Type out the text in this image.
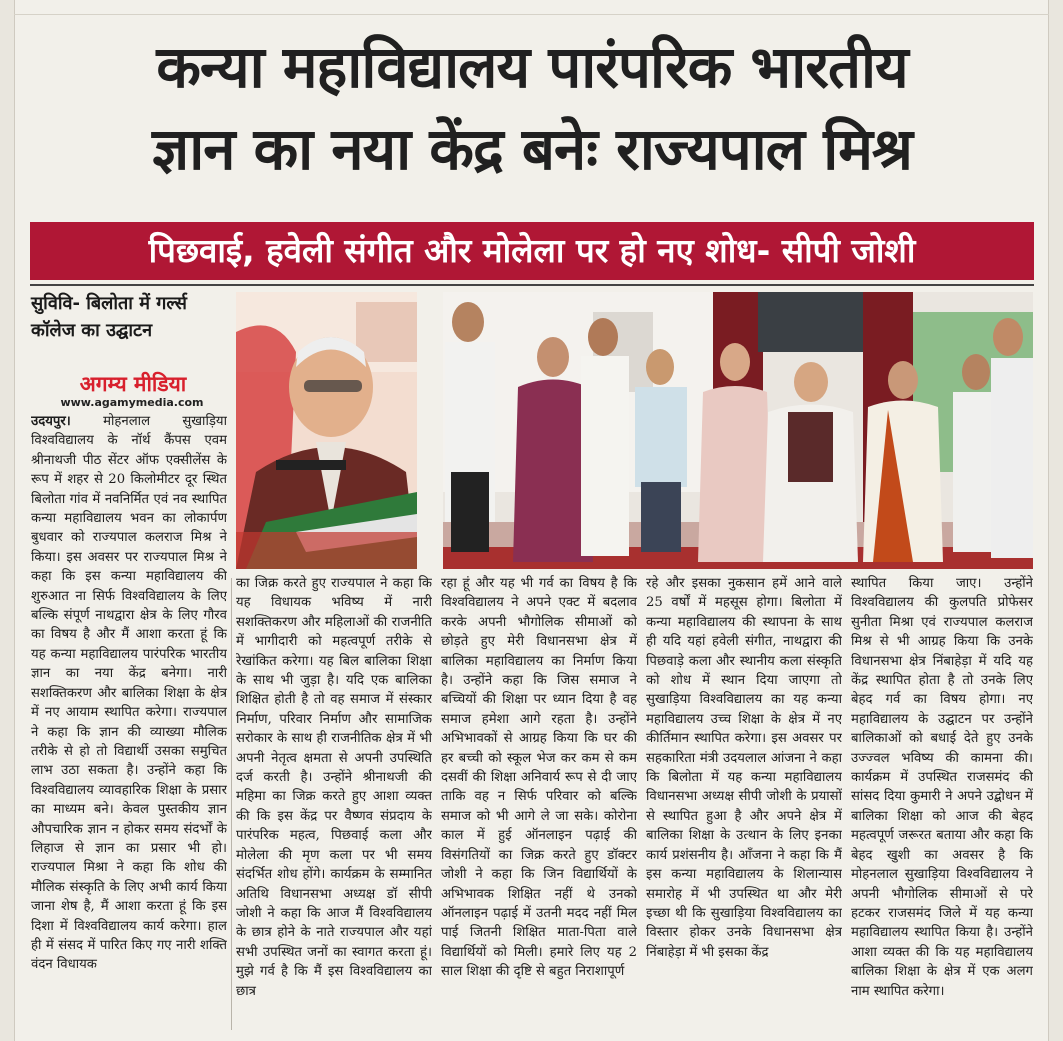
कन्या महाविद्यालय पारंपरिक भारतीय
ज्ञान का नया केंद्र बनेः राज्यपाल मिश्र
पिछवाई, हवेली संगीत और मोलेला पर हो नए शोध- सीपी जोशी
सुविवि- बिलोता में गर्ल्स कॉलेज का उद्घाटन
अगम्य मीडिया
www.agamymedia.com
उदयपुर। मोहनलाल सुखाड़िया विश्वविद्यालय के नॉर्थ कैंपस एवम श्रीनाथजी पीठ सेंटर ऑफ एक्सीलेंस के रूप में शहर से 20 किलोमीटर दूर स्थित बिलोता गांव में नवनिर्मित एवं नव स्थापित कन्या महाविद्यालय भवन का लोकार्पण बुधवार को राज्यपाल कलराज मिश्र ने किया। इस अवसर पर राज्यपाल मिश्र ने कहा कि इस कन्या महाविद्यालय की शुरुआत ना सिर्फ विश्वविद्यालय के लिए बल्कि संपूर्ण नाथद्वारा क्षेत्र के लिए गौरव का विषय है और मैं आशा करता हूं कि यह कन्या महाविद्यालय पारंपरिक भारतीय ज्ञान का नया केंद्र बनेगा। नारी सशक्तिकरण और बालिका शिक्षा के क्षेत्र में नए आयाम स्थापित करेगा। राज्यपाल ने कहा कि ज्ञान की व्याख्या मौलिक तरीके से हो तो विद्यार्थी उसका समुचित लाभ उठा सकता है। उन्होंने कहा कि विश्वविद्यालय व्यावहारिक शिक्षा के प्रसार का माध्यम बने। केवल पुस्तकीय ज्ञान औपचारिक ज्ञान न होकर समय संदर्भों के लिहाज से ज्ञान का प्रसार भी हो। राज्यपाल मिश्रा ने कहा कि शोध की मौलिक संस्कृति के लिए अभी कार्य किया जाना शेष है, मैं आशा करता हूं कि इस दिशा में विश्वविद्यालय कार्य करेगा। हाल ही में संसद में पारित किए गए नारी शक्ति वंदन विधायक
का जिक्र करते हुए राज्यपाल ने कहा कि यह विधायक भविष्य में नारी सशक्तिकरण और महिलाओं की राजनीति में भागीदारी को महत्वपूर्ण तरीके से रेखांकित करेगा। यह बिल बालिका शिक्षा के साथ भी जुड़ा है। यदि एक बालिका शिक्षित होती है तो वह समाज में संस्कार निर्माण, परिवार निर्माण और सामाजिक सरोकार के साथ ही राजनीतिक क्षेत्र में भी अपनी नेतृत्व क्षमता से अपनी उपस्थिति दर्ज करती है। उन्होंने श्रीनाथजी की महिमा का जिक्र करते हुए आशा व्यक्त की कि इस केंद्र पर वैष्णव संप्रदाय के पारंपरिक महत्व, पिछवाई कला और मोलेला की मृण कला पर भी समय संदर्भित शोध होंगे। कार्यक्रम के सम्मानित अतिथि विधानसभा अध्यक्ष डॉ सीपी जोशी ने कहा कि आज मैं विश्वविद्यालय के छात्र होने के नाते राज्यपाल और यहां सभी उपस्थित जनों का स्वागत करता हूं। मुझे गर्व है कि मैं इस विश्वविद्यालय का छात्र
रहा हूं और यह भी गर्व का विषय है कि विश्वविद्यालय ने अपने एक्ट में बदलाव करके अपनी भौगोलिक सीमाओं को छोड़ते हुए मेरी विधानसभा क्षेत्र में बालिका महाविद्यालय का निर्माण किया है। उन्होंने कहा कि जिस समाज ने बच्चियों की शिक्षा पर ध्यान दिया है वह समाज हमेशा आगे रहता है। उन्होंने अभिभावकों से आग्रह किया कि घर की हर बच्ची को स्कूल भेज कर कम से कम दसवीं की शिक्षा अनिवार्य रूप से दी जाए ताकि वह न सिर्फ परिवार को बल्कि समाज को भी आगे ले जा सके। कोरोना काल में हुई ऑनलाइन पढ़ाई की विसंगतियों का जिक्र करते हुए डॉक्टर जोशी ने कहा कि जिन विद्यार्थियों के अभिभावक शिक्षित नहीं थे उनको ऑनलाइन पढ़ाई में उतनी मदद नहीं मिल पाई जितनी शिक्षित माता-पिता वाले विद्यार्थियों को मिली। हमारे लिए यह 2 साल शिक्षा की दृष्टि से बहुत निराशापूर्ण
रहे और इसका नुकसान हमें आने वाले 25 वर्षों में महसूस होगा। बिलोता में कन्या महाविद्यालय की स्थापना के साथ ही यदि यहां हवेली संगीत, नाथद्वारा की पिछवाड़े कला और स्थानीय कला संस्कृति को शोध में स्थान दिया जाएगा तो सुखाड़िया विश्वविद्यालय का यह कन्या महाविद्यालय उच्च शिक्षा के क्षेत्र में नए कीर्तिमान स्थापित करेगा। इस अवसर पर सहकारिता मंत्री उदयलाल आंजना ने कहा कि बिलोता में यह कन्या महाविद्यालय विधानसभा अध्यक्ष सीपी जोशी के प्रयासों से स्थापित हुआ है और अपने क्षेत्र में बालिका शिक्षा के उत्थान के लिए इनका कार्य प्रशंसनीय है। आँजना ने कहा कि मैं इस कन्या महाविद्यालय के शिलान्यास समारोह में भी उपस्थित था और मेरी इच्छा थी कि सुखाड़िया विश्वविद्यालय का विस्तार होकर उनके विधानसभा क्षेत्र निंबाहेड़ा में भी इसका केंद्र
स्थापित किया जाए। उन्होंने विश्वविद्यालय की कुलपति प्रोफेसर सुनीता मिश्रा एवं राज्यपाल कलराज मिश्र से भी आग्रह किया कि उनके विधानसभा क्षेत्र निंबाहेड़ा में यदि यह केंद्र स्थापित होता है तो उनके लिए बेहद गर्व का विषय होगा। नए महाविद्यालय के उद्घाटन पर उन्होंने बालिकाओं को बधाई देते हुए उनके उज्ज्वल भविष्य की कामना की। कार्यक्रम में उपस्थित राजसमंद की सांसद दिया कुमारी ने अपने उद्बोधन में बालिका शिक्षा को आज की बेहद महत्वपूर्ण जरूरत बताया और कहा कि बेहद खुशी का अवसर है कि मोहनलाल सुखाड़िया विश्वविद्यालय ने अपनी भौगोलिक सीमाओं से परे हटकर राजसमंद जिले में यह कन्या महाविद्यालय स्थापित किया है। उन्होंने आशा व्यक्त की कि यह महाविद्यालय बालिका शिक्षा के क्षेत्र में एक अलग नाम स्थापित करेगा।
